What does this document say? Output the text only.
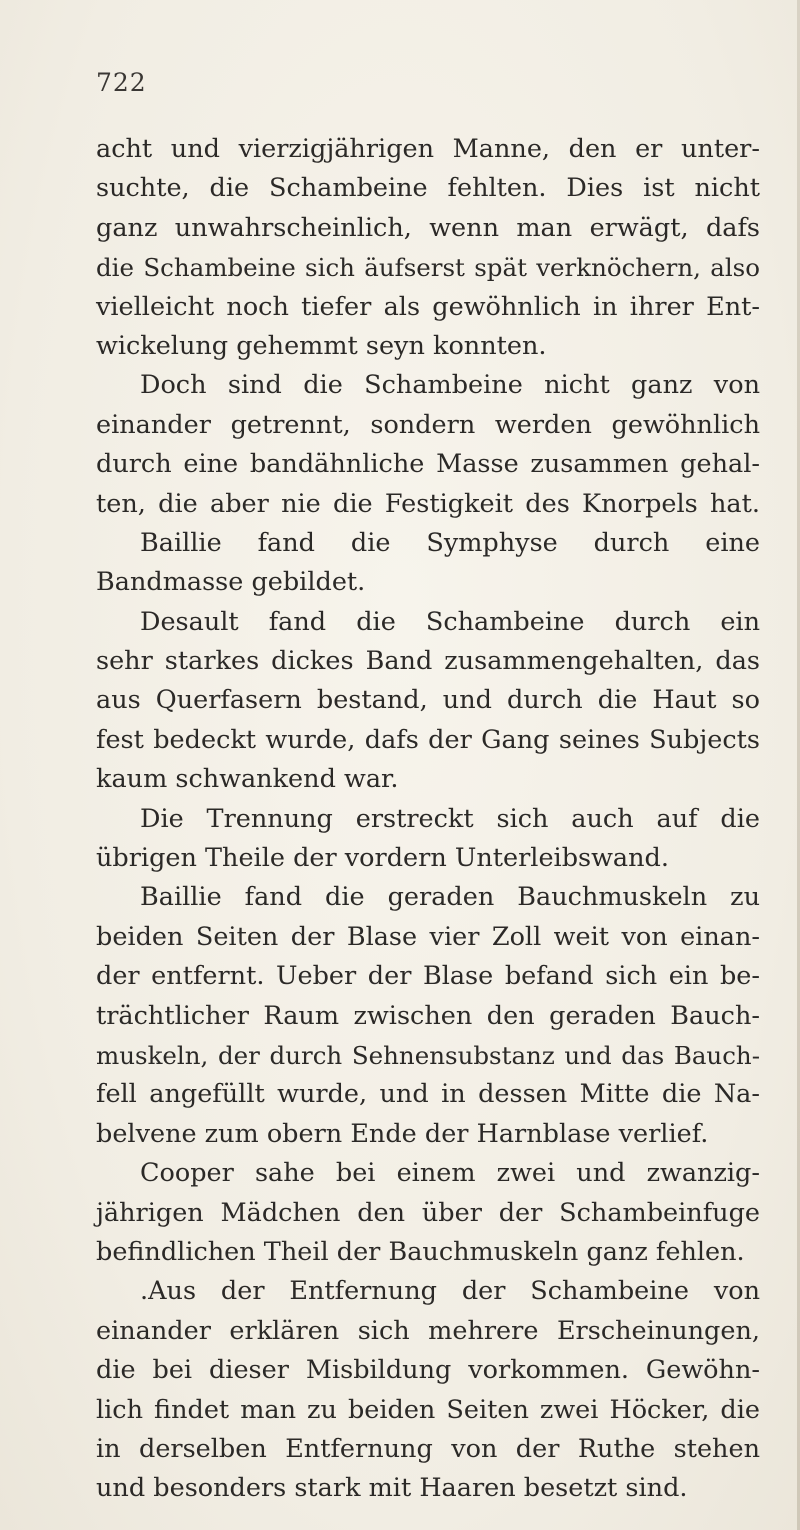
722
acht und vierzigjährigen Manne, den er unter-
suchte, die Schambeine fehlten. Dies ist nicht
ganz unwahrscheinlich, wenn man erwägt, dafs
die Schambeine sich äufserst spät verknöchern, also
vielleicht noch tiefer als gewöhnlich in ihrer Ent-
wickelung gehemmt seyn konnten.
Doch sind die Schambeine nicht ganz von
einander getrennt, sondern werden gewöhnlich
durch eine bandähnliche Masse zusammen gehal-
ten, die aber nie die Festigkeit des Knorpels hat.
Baillie fand die Symphyse durch eine
Bandmasse gebildet.
Desault fand die Schambeine durch ein
sehr starkes dickes Band zusammengehalten, das
aus Querfasern bestand, und durch die Haut so
fest bedeckt wurde, dafs der Gang seines Subjects
kaum schwankend war.
Die Trennung erstreckt sich auch auf die
übrigen Theile der vordern Unterleibswand.
Baillie fand die geraden Bauchmuskeln zu
beiden Seiten der Blase vier Zoll weit von einan-
der entfernt. Ueber der Blase befand sich ein be-
trächtlicher Raum zwischen den geraden Bauch-
muskeln, der durch Sehnensubstanz und das Bauch-
fell angefüllt wurde, und in dessen Mitte die Na-
belvene zum obern Ende der Harnblase verlief.
Cooper sahe bei einem zwei und zwanzig-
jährigen Mädchen den über der Schambeinfuge
befindlichen Theil der Bauchmuskeln ganz fehlen.
.Aus der Entfernung der Schambeine von
einander erklären sich mehrere Erscheinungen,
die bei dieser Misbildung vorkommen. Gewöhn-
lich findet man zu beiden Seiten zwei Höcker, die
in derselben Entfernung von der Ruthe stehen
und besonders stark mit Haaren besetzt sind.
